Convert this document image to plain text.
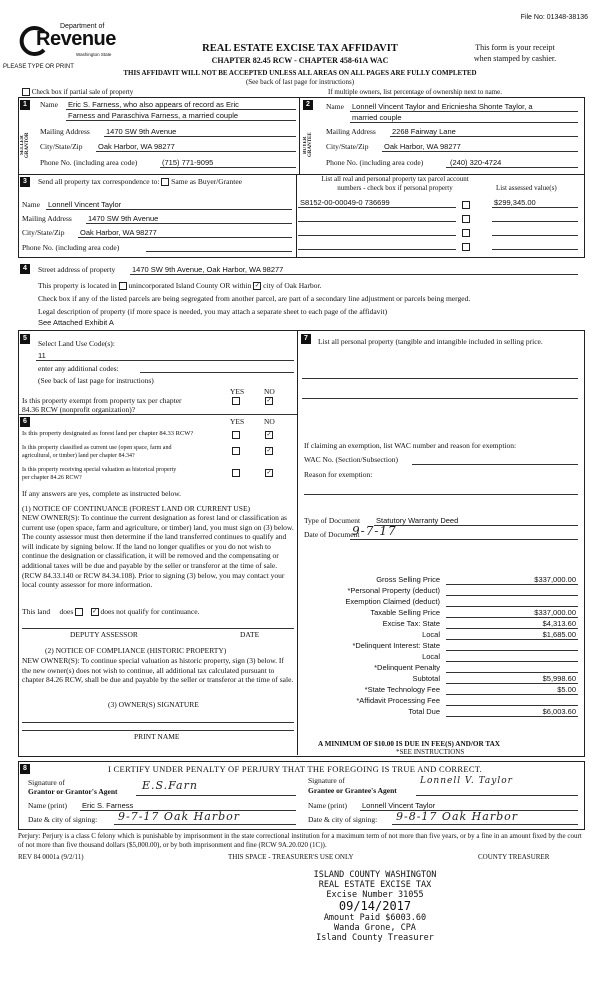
File No: 01348-38136
Department of
Revenue
Washington State
PLEASE TYPE OR PRINT
REAL ESTATE EXCISE TAX AFFIDAVIT
CHAPTER 82.45 RCW - CHAPTER 458-61A WAC
This form is your receipt
when stamped by cashier.
THIS AFFIDAVIT WILL NOT BE ACCEPTED UNLESS ALL AREAS ON ALL PAGES ARE FULLY COMPLETED
(See back of last page for instructions)
Check box if partial sale of property	If multiple owners, list percentage of ownership next to name.
1	2
SELLER GRANTOR	BUYER GRANTEE
Name Eric S. Farness, who also appears of record as Eric
Farness and Paraschiva Farness, a married couple
Mailing Address 1470 SW 9th Avenue
City/State/Zip Oak Harbor, WA 98277
Phone No. (including area code)	(715) 771-9095
Name Lonnell Vincent Taylor and Ericniesha Shonte Taylor, a
married couple
Mailing Address 2268 Fairway Lane
City/State/Zip Oak Harbor, WA 98277
Phone No. (including area code)	(240) 320-4724
3	Send all property tax correspondence to: Same as Buyer/Grantee	List all real and personal property tax parcel account
numbers - check box if personal property	List assessed value(s)
Name Lonnell Vincent Taylor
Mailing Address 1470 SW 9th Avenue
City/State/Zip Oak Harbor, WA 98277
Phone No. (including area code)
S8152-00-00049-0 736699	$299,345.00
4	Street address of property 1470 SW 9th Avenue, Oak Harbor, WA 98277
This property is located in unincorporated Island County OR within ✓ city of Oak Harbor.
Check box if any of the listed parcels are being segregated from another parcel, are part of a secondary line adjustment or parcels being merged.
Legal description of property (if more space is needed, you may attach a separate sheet to each page of the affidavit)
See Attached Exhibit A
5
Select Land Use Code(s):
11
enter any additional codes:
(See back of last page for instructions)
YES	NO
Is this property exempt from property tax per chapter
84.36 RCW (nonprofit organization)?
✓
6	YES	NO
Is this property designated as forest land per chapter 84.33 RCW?	✓
Is this property classified as current use (open space, farm and
agricultural, or timber) land per chapter 84.34?
✓
Is this property receiving special valuation as historical property
per chapter 84.26 RCW?
✓
If any answers are yes, complete as instructed below.
(1) NOTICE OF CONTINUANCE (FOREST LAND OR CURRENT USE)
NEW OWNER(S): To continue the current designation as forest land or classification as current use (open space, farm and agriculture, or timber) land, you must sign on (3) below. The county assessor must then determine if the land transferred continues to qualify and will indicate by signing below. If the land no longer qualifies or you do not wish to continue the designation or classification, it will be removed and the compensating or additional taxes will be due and payable by the seller or transferor at the time of sale. (RCW 84.33.140 or RCW 84.34.108). Prior to signing (3) below, you may contact your local county assessor for more information.
This land does	✓ does not qualify for continuance.
DEPUTY ASSESSOR	DATE
(2) NOTICE OF COMPLIANCE (HISTORIC PROPERTY)
NEW OWNER(S): To continue special valuation as historic property, sign (3) below. If the new owner(s) does not wish to continue, all additional tax calculated pursuant to chapter 84.26 RCW, shall be due and payable by the seller or transferor at the time of sale.
(3) OWNER(S) SIGNATURE
PRINT NAME
7	List all personal property (tangible and intangible included in selling price.
If claiming an exemption, list WAC number and reason for exemption:
WAC No. (Section/Subsection)
Reason for exemption:
Type of Document Statutory Warranty Deed
Date of Document
9-7-17
Gross Selling Price	$337,000.00
*Personal Property (deduct)
Exemption Claimed (deduct)
Taxable Selling Price	$337,000.00
Excise Tax: State	$4,313.60
Local	$1,685.00
*Delinquent Interest: State
Local
*Delinquent Penalty
Subtotal	$5,998.60
*State Technology Fee	$5.00
*Affidavit Processing Fee
Total Due	$6,003.60
A MINIMUM OF $10.00 IS DUE IN FEE(S) AND/OR TAX
*SEE INSTRUCTIONS
8	I CERTIFY UNDER PENALTY OF PERJURY THAT THE FOREGOING IS TRUE AND CORRECT.
Signature of
Grantor or Grantor's Agent E.S.Farn	Signature of
Grantee or Grantee's Agent
Lonnell V. Taylor
Name (print) Eric S. Farness	Name (print) Lonnell Vincent Taylor
Date & city of signing: 9-7-17 Oak Harbor	Date & city of signing: 9-8-17 Oak Harbor
Perjury: Perjury is a class C felony which is punishable by imprisonment in the state correctional institution for a maximum term of not more than five years, or by a fine in an amount fixed by the court of not more than five thousand dollars ($5,000.00), or by both imprisonment and fine (RCW 9A.20.020 (1C)).
REV 84 0001a (9/2/11)	THIS SPACE - TREASURER'S USE ONLY	COUNTY TREASURER
ISLAND COUNTY WASHINGTON
REAL ESTATE EXCISE TAX
Excise Number 31055
09/14/2017
Amount Paid $6003.60
Wanda Grone, CPA
Island County Treasurer
